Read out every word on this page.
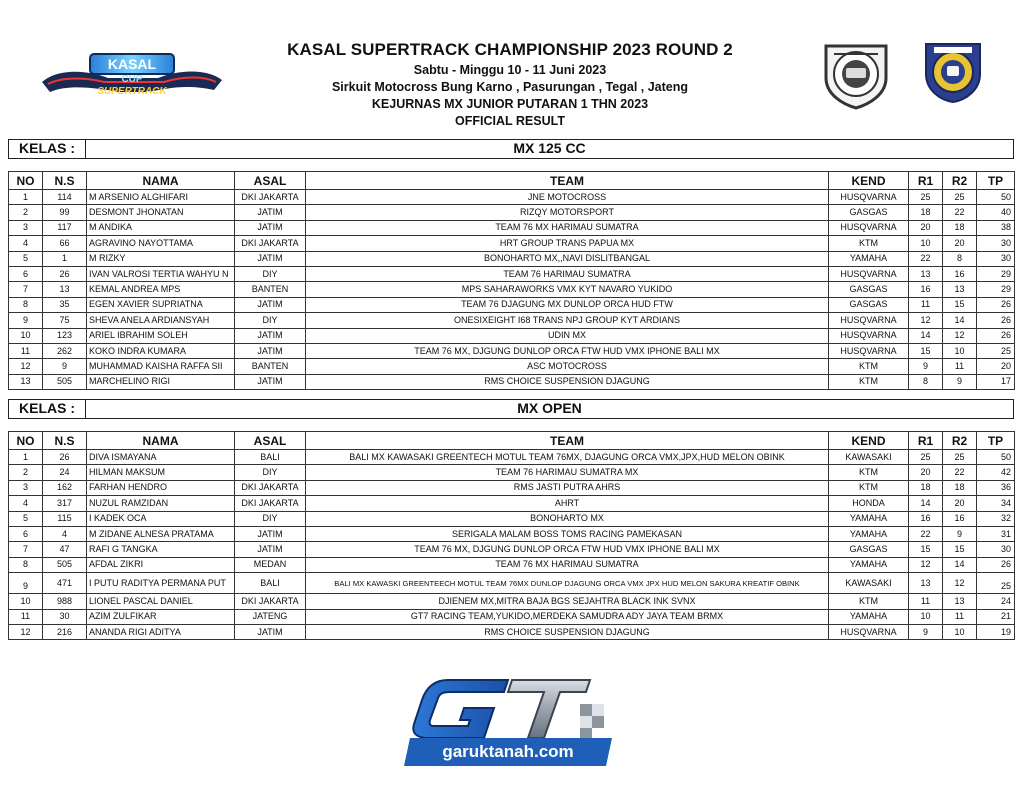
KASAL
CUP
SUPERTRACK
KASAL SUPERTRACK CHAMPIONSHIP 2023 ROUND 2
Sabtu - Minggu 10 - 11 Juni 2023
Sirkuit Motocross Bung Karno , Pasurungan , Tegal , Jateng
KEJURNAS MX JUNIOR PUTARAN 1 THN 2023
OFFICIAL RESULT
KELAS :	MX 125 CC
NO	N.S	NAMA	ASAL	TEAM	KEND	R1	R2	TP
1	114	M ARSENIO ALGHIFARI	DKI JAKARTA	JNE MOTOCROSS	HUSQVARNA	25	25	50
2	99	DESMONT JHONATAN	JATIM	RIZQY MOTORSPORT	GASGAS	18	22	40
3	117	M ANDIKA	JATIM	TEAM 76 MX HARIMAU SUMATRA	HUSQVARNA	20	18	38
4	66	AGRAVINO NAYOTTAMA	DKI JAKARTA	HRT GROUP TRANS PAPUA MX	KTM	10	20	30
5	1	M RIZKY	JATIM	BONOHARTO MX,,NAVI DISLITBANGAL	YAMAHA	22	8	30
6	26	IVAN VALROSI TERTIA WAHYU N	DIY	TEAM 76 HARIMAU SUMATRA	HUSQVARNA	13	16	29
7	13	KEMAL ANDREA MPS	BANTEN	MPS SAHARAWORKS VMX KYT NAVARO YUKIDO	GASGAS	16	13	29
8	35	EGEN XAVIER SUPRIATNA	JATIM	TEAM 76 DJAGUNG MX DUNLOP ORCA HUD FTW	GASGAS	11	15	26
9	75	SHEVA ANELA ARDIANSYAH	DIY	ONESIXEIGHT I68 TRANS NPJ GROUP KYT ARDIANS	HUSQVARNA	12	14	26
10	123	ARIEL IBRAHIM SOLEH	JATIM	UDIN MX	HUSQVARNA	14	12	26
11	262	KOKO INDRA KUMARA	JATIM	TEAM 76 MX, DJGUNG DUNLOP ORCA FTW HUD VMX IPHONE BALI MX	HUSQVARNA	15	10	25
12	9	MUHAMMAD KAISHA RAFFA SII	BANTEN	ASC MOTOCROSS	KTM	9	11	20
13	505	MARCHELINO RIGI	JATIM	RMS CHOICE SUSPENSION DJAGUNG	KTM	8	9	17
KELAS :	MX OPEN
NO	N.S	NAMA	ASAL	TEAM	KEND	R1	R2	TP
1	26	DIVA ISMAYANA	BALI	BALI MX KAWASAKI GREENTECH MOTUL TEAM 76MX, DJAGUNG ORCA VMX,JPX,HUD MELON OBINK	KAWASAKI	25	25	50
2	24	HILMAN MAKSUM	DIY	TEAM 76 HARIMAU SUMATRA MX	KTM	20	22	42
3	162	FARHAN HENDRO	DKI JAKARTA	RMS JASTI PUTRA AHRS	KTM	18	18	36
4	317	NUZUL RAMZIDAN	DKI JAKARTA	AHRT	HONDA	14	20	34
5	115	I KADEK OCA	DIY	BONOHARTO MX	YAMAHA	16	16	32
6	4	M ZIDANE ALNESA PRATAMA	JATIM	SERIGALA MALAM BOSS TOMS RACING PAMEKASAN	YAMAHA	22	9	31
7	47	RAFI G TANGKA	JATIM	TEAM 76 MX, DJGUNG DUNLOP ORCA FTW HUD VMX IPHONE BALI MX	GASGAS	15	15	30
8	505	AFDAL ZIKRI	MEDAN	TEAM 76 MX HARIMAU SUMATRA	YAMAHA	12	14	26
9	471	I PUTU RADITYA PERMANA PUT	BALI	BALI MX KAWASKI GREENTEECH MOTUL TEAM 76MX DUNLOP DJAGUNG ORCA VMX JPX HUD MELON SAKURA KREATIF OBINK	KAWASAKI	13	12	25
10	988	LIONEL PASCAL DANIEL	DKI JAKARTA	DJIENEM MX,MITRA BAJA BGS SEJAHTRA BLACK INK SVNX	KTM	11	13	24
11	30	AZIM ZULFIKAR	JATENG	GT7 RACING TEAM,YUKIDO,MERDEKA SAMUDRA ADY JAYA TEAM BRMX	YAMAHA	10	11	21
12	216	ANANDA RIGI ADITYA	JATIM	RMS CHOICE SUSPENSION DJAGUNG	HUSQVARNA	9	10	19
garuktanah.com
